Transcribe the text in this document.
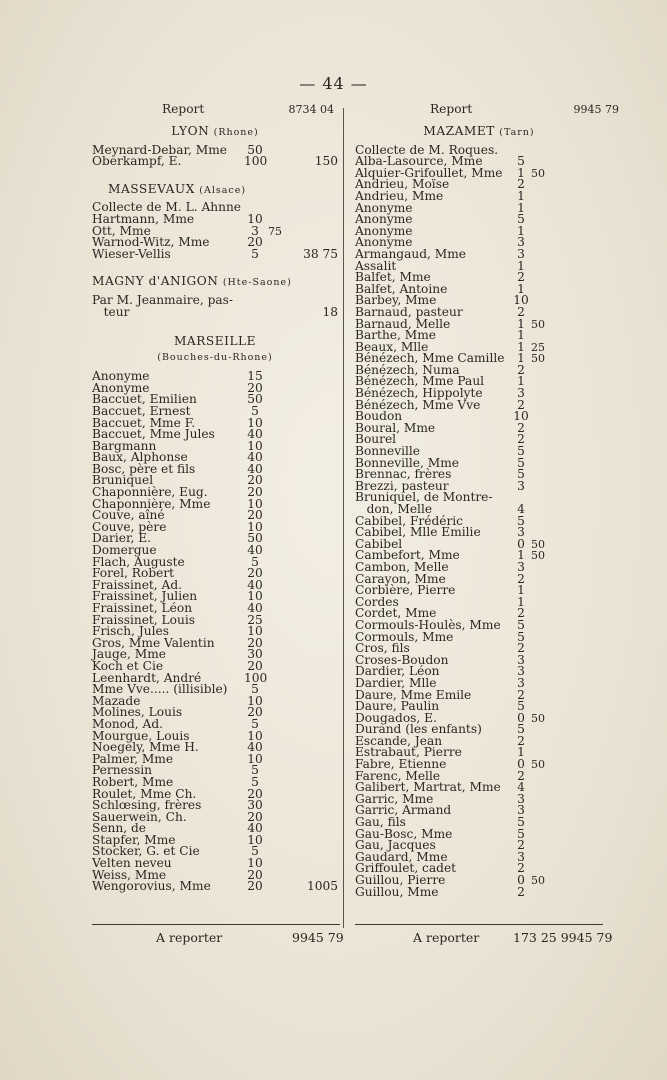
— 44 —
Report	8734 04
LYON (Rhone)
Meynard-Debar, Mme 50
Oberkampf, E.	100	150
MASSEVAUX (Alsace)
Collecte de M. L. Ahnne
Hartmann, Mme	10
Ott, Mme	3 75
Warnod-Witz, Mme	20
Wieser-Vellis	5	38 75
MAGNY d'ANIGON (Hte-Saone)
Par M. Jeanmaire, pas-
teur	18
MARSEILLE
(Bouches-du-Rhone)
Anonyme	15
Anonyme	20
Baccuet, Emilien	50
Baccuet, Ernest	5
Baccuet, Mme F.	10
Baccuet, Mme Jules	40
Bargmann	10
Baux, Alphonse	40
Bosc, père et fils	40
Bruniquel	20
Chaponnière, Eug.	20
Chaponnière, Mme	10
Couve, aîné	20
Couve, père	10
Darier, E.	50
Domergue	40
Flach, Auguste	5
Forel, Robert	20
Fraissinet, Ad.	40
Fraissinet, Julien	10
Fraissinet, Léon	40
Fraissinet, Louis	25
Frisch, Jules	10
Gros, Mme Valentin	20
Jauge, Mme	30
Koch et Cie	20
Leenhardt, André	100
Mme Vve..... (illisible)	5
Mazade	10
Molines, Louis	20
Monod, Ad.	5
Mourgue, Louis	10
Noegely, Mme H.	40
Palmer, Mme	10
Pernessin	5
Robert, Mme	5
Roulet, Mme Ch.	20
Schlœsing, frères	30
Sauerwein, Ch.	20
Senn, de	40
Stapfer, Mme	10
Stocker, G. et Cie	5
Velten neveu	10
Weiss, Mme	20
Wengorovius, Mme	20	1005
Report	9945 79
MAZAMET (Tarn)
Collecte de M. Roques.
Alba-Lasource, Mme	5
Alquier-Grifoullet, Mme	1 50
Andrieu, Moïse	2
Andrieu, Mme	1
Anonyme	1
Anonyme	5
Anonyme	1
Anonyme	3
Armangaud, Mme	3
Assalit	1
Balfet, Mme	2
Balfet, Antoine	1
Barbey, Mme	10
Barnaud, pasteur	2
Barnaud, Melle	1 50
Barthe, Mme	1
Beaux, Mlle	1 25
Bénézech, Mme Camille	1 50
Bénézech, Numa	2
Bénézech, Mme Paul	1
Bénézech, Hippolyte	3
Bénézech, Mme Vve	2
Boudon	10
Boural, Mme	2
Bourel	2
Bonneville	5
Bonneville, Mme	5
Brennac, frères	5
Brezzi, pasteur	3
Bruniquel, de Montre-
don, Melle	4
Cabibel, Frédéric	5
Cabibel, Mlle Emilie	3
Cabibel	0 50
Cambefort, Mme	1 50
Cambon, Melle	3
Carayon, Mme	2
Corbière, Pierre	1
Cordes	1
Cordet, Mme	2
Cormouls-Houlès, Mme	5
Cormouls, Mme	5
Cros, fils	2
Croses-Boudon	3
Dardier, Léon	3
Dardier, Mlle	3
Daure, Mme Emile	2
Daure, Paulin	5
Dougados, E.	0 50
Durand (les enfants)	5
Escande, Jean	2
Estrabaut, Pierre	1
Fabre, Etienne	0 50
Farenc, Melle	2
Galibert, Martrat, Mme	4
Garric, Mme	3
Garric, Armand	3
Gau, fils	5
Gau-Bosc, Mme	5
Gau, Jacques	2
Gaudard, Mme	3
Griffoulet, cadet	2
Guillou, Pierre	0 50
Guillou, Mme	2
A reporter	9945 79	A reporter	173 25 9945 79
